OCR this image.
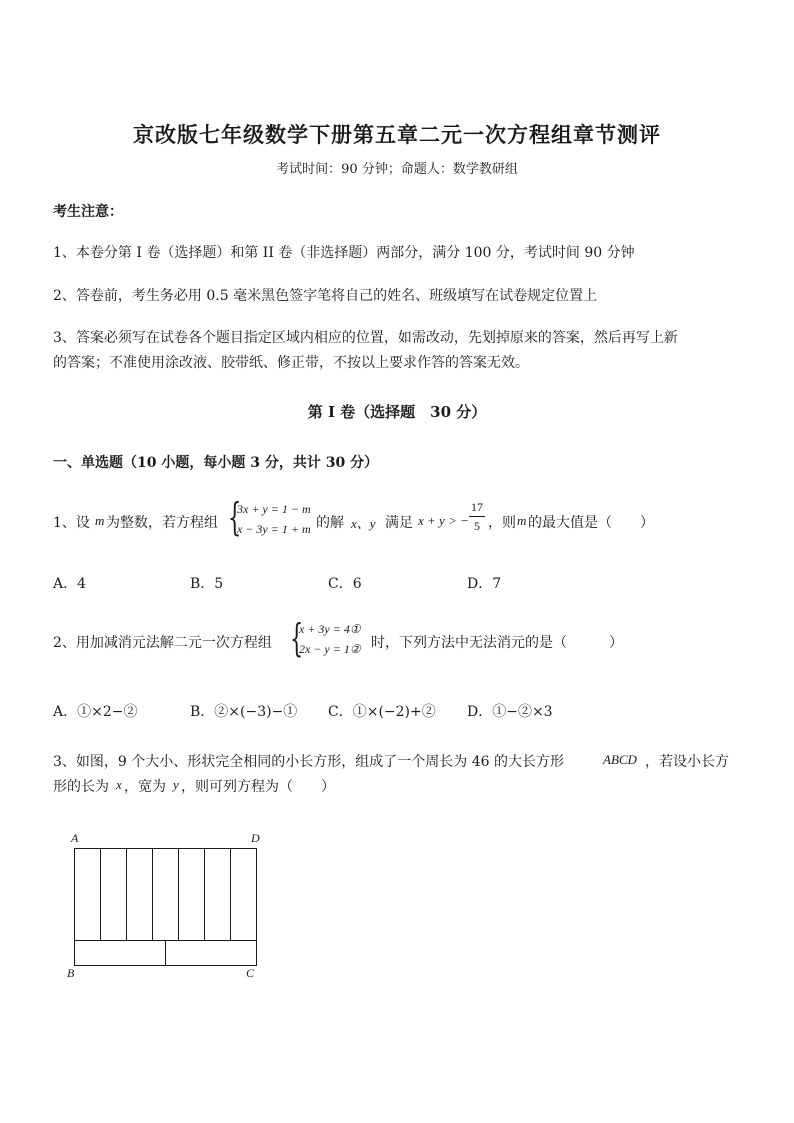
京改版七年级数学下册第五章二元一次方程组章节测评
考试时间：90 分钟；命题人：数学教研组
考生注意：
1、本卷分第 I 卷（选择题）和第 II 卷（非选择题）两部分，满分 100 分，考试时间 90 分钟
2、答卷前，考生务必用 0.5 毫米黑色签字笔将自己的姓名、班级填写在试卷规定位置上
3、答案必须写在试卷各个题目指定区域内相应的位置，如需改动，先划掉原来的答案，然后再写上新
的答案；不准使用涂改液、胶带纸、修正带，不按以上要求作答的答案无效。
第 I 卷（选择题　30 分）
一、单选题（10 小题，每小题 3 分，共计 30 分）
1、设 m 为整数，若方程组 {
3x + y = 1 − m
x − 3y = 1 + m 的解 x、y 满足 x + y > −
17
5 ，则 m 的最大值是（　　）
A．4	B．5	C．6	D．7
2、用加减消元法解二元一次方程组 {
x + 3y = 4①
2x − y = 1② 时，下列方法中无法消元的是（　　　）
A．①×2−②	B．②×(−3)−① C．①×(−2)+② D．①−②×3
3、如图，9 个大小、形状完全相同的小长方形，组成了一个周长为 46 的大长方形	ABCD ，若设小长方
形的长为 x ，宽为 y ，则可列方程为（　　）
A	D
B	C
